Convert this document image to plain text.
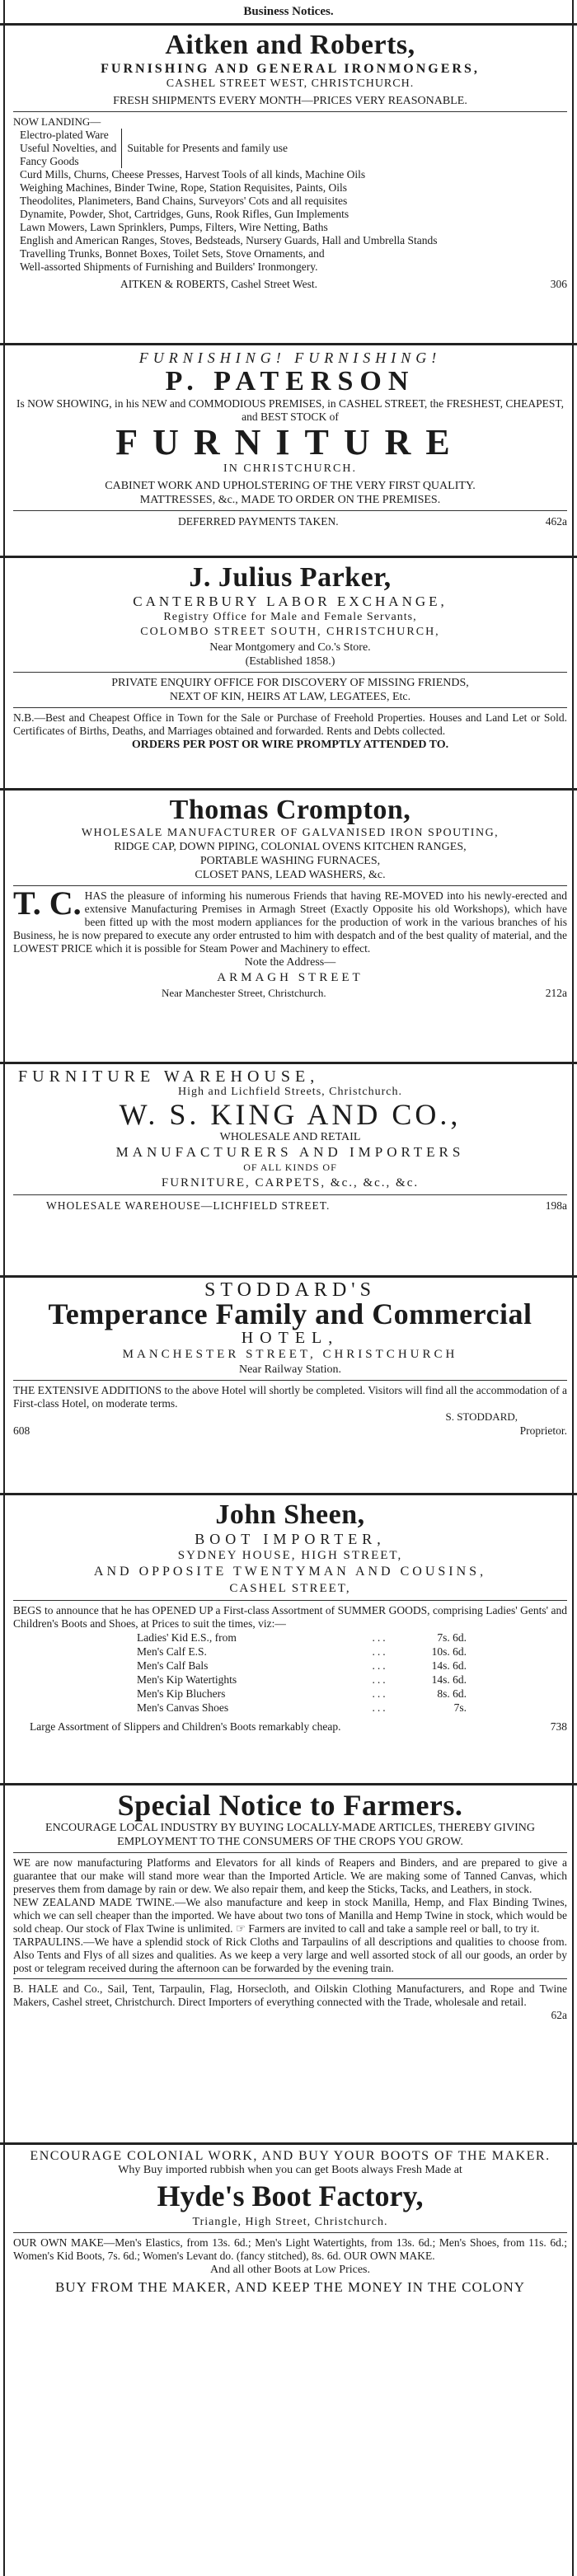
Business Notices.
Aitken and Roberts,
FURNISHING AND GENERAL IRONMONGERS,
CASHEL STREET WEST, CHRISTCHURCH.
FRESH SHIPMENTS EVERY MONTH—PRICES VERY REASONABLE.
NOW LANDING—
Electro-plated Ware
Useful Novelties, and
Fancy Goods
Suitable for Presents and family use
Curd Mills, Churns, Cheese Presses, Harvest Tools of all kinds, Machine Oils
Weighing Machines, Binder Twine, Rope, Station Requisites, Paints, Oils
Theodolites, Planimeters, Band Chains, Surveyors' Cots and all requisites
Dynamite, Powder, Shot, Cartridges, Guns, Rook Rifles, Gun Implements
Lawn Mowers, Lawn Sprinklers, Pumps, Filters, Wire Netting, Baths
English and American Ranges, Stoves, Bedsteads, Nursery Guards, Hall and Umbrella Stands
Travelling Trunks, Bonnet Boxes, Toilet Sets, Stove Ornaments, and
Well-assorted Shipments of Furnishing and Builders' Ironmongery.
AITKEN & ROBERTS, Cashel Street West.	306
FURNISHING! FURNISHING!
P. PATERSON
Is NOW SHOWING, in his NEW and COMMODIOUS PREMISES, in CASHEL STREET, the FRESHEST, CHEAPEST, and BEST STOCK of
FURNITURE
IN CHRISTCHURCH.
CABINET WORK AND UPHOLSTERING OF THE VERY FIRST QUALITY.
MATTRESSES, &c., MADE TO ORDER ON THE PREMISES.
DEFERRED PAYMENTS TAKEN.	462a
J. Julius Parker,
CANTERBURY LABOR EXCHANGE,
Registry Office for Male and Female Servants,
COLOMBO STREET SOUTH, CHRISTCHURCH,
Near Montgomery and Co.'s Store.
(Established 1858.)
PRIVATE ENQUIRY OFFICE FOR DISCOVERY OF MISSING FRIENDS,
NEXT OF KIN, HEIRS AT LAW, LEGATEES, Etc.
N.B.—Best and Cheapest Office in Town for the Sale or Purchase of Freehold Properties. Houses and Land Let or Sold. Certificates of Births, Deaths, and Marriages obtained and forwarded. Rents and Debts collected.
ORDERS PER POST OR WIRE PROMPTLY ATTENDED TO.
Thomas Crompton,
WHOLESALE MANUFACTURER OF GALVANISED IRON SPOUTING,
RIDGE CAP, DOWN PIPING, COLONIAL OVENS KITCHEN RANGES,
PORTABLE WASHING FURNACES,
CLOSET PANS, LEAD WASHERS, &c.
T. C. HAS the pleasure of informing his numerous Friends that having RE-MOVED into his newly-erected and extensive Manufacturing Premises in Armagh Street (Exactly Opposite his old Workshops), which have been fitted up with the most modern appliances for the production of work in the various branches of his Business, he is now prepared to execute any order entrusted to him with despatch and of the best quality of material, and the LOWEST PRICE which it is possible for Steam Power and Machinery to effect.
Note the Address—
ARMAGH STREET
Near Manchester Street, Christchurch.	212a
FURNITURE WAREHOUSE,
High and Lichfield Streets, Christchurch.
W. S. KING AND CO.,
WHOLESALE AND RETAIL
MANUFACTURERS AND IMPORTERS
OF ALL KINDS OF
FURNITURE, CARPETS, &c., &c., &c.
WHOLESALE WAREHOUSE—LICHFIELD STREET.	198a
STODDARD'S
Temperance Family and Commercial
HOTEL,
MANCHESTER STREET, CHRISTCHURCH
Near Railway Station.
THE EXTENSIVE ADDITIONS to the above Hotel will shortly be completed. Visitors will find all the accommodation of a First-class Hotel, on moderate terms.
S. STODDARD,
608	Proprietor.
John Sheen,
BOOT IMPORTER,
SYDNEY HOUSE, HIGH STREET,
AND OPPOSITE TWENTYMAN AND COUSINS,
CASHEL STREET,
BEGS to announce that he has OPENED UP a First-class Assortment of SUMMER GOODS, comprising Ladies' Gents' and Children's Boots and Shoes, at Prices to suit the times, viz:—
Ladies' Kid E.S., from	...	7s. 6d.
Men's Calf E.S.	...	10s. 6d.
Men's Calf Bals	...	14s. 6d.
Men's Kip Watertights	...	14s. 6d.
Men's Kip Bluchers	...	8s. 6d.
Men's Canvas Shoes	...	7s.
Large Assortment of Slippers and Children's Boots remarkably cheap.	738
Special Notice to Farmers.
ENCOURAGE LOCAL INDUSTRY BY BUYING LOCALLY-MADE ARTICLES, THEREBY GIVING EMPLOYMENT TO THE CONSUMERS OF THE CROPS YOU GROW.
WE are now manufacturing Platforms and Elevators for all kinds of Reapers and Binders, and are prepared to give a guarantee that our make will stand more wear than the Imported Article. We are making some of Tanned Canvas, which preserves them from damage by rain or dew. We also repair them, and keep the Sticks, Tacks, and Leathers, in stock.
NEW ZEALAND MADE TWINE.—We also manufacture and keep in stock Manilla, Hemp, and Flax Binding Twines, which we can sell cheaper than the imported. We have about two tons of Manilla and Hemp Twine in stock, which would be sold cheap. Our stock of Flax Twine is unlimited. ☞ Farmers are invited to call and take a sample reel or ball, to try it.
TARPAULINS.—We have a splendid stock of Rick Cloths and Tarpaulins of all descriptions and qualities to choose from. Also Tents and Flys of all sizes and qualities. As we keep a very large and well assorted stock of all our goods, an order by post or telegram received during the afternoon can be forwarded by the evening train.
B. HALE and Co., Sail, Tent, Tarpaulin, Flag, Horsecloth, and Oilskin Clothing Manufacturers, and Rope and Twine Makers, Cashel street, Christchurch. Direct Importers of everything connected with the Trade, wholesale and retail.
62a
ENCOURAGE COLONIAL WORK, AND BUY YOUR BOOTS OF THE MAKER.
Why Buy imported rubbish when you can get Boots always Fresh Made at
Hyde's Boot Factory,
Triangle, High Street, Christchurch.
OUR OWN MAKE—Men's Elastics, from 13s. 6d.; Men's Light Watertights, from 13s. 6d.; Men's Shoes, from 11s. 6d.; Women's Kid Boots, 7s. 6d.; Women's Levant do. (fancy stitched), 8s. 6d. OUR OWN MAKE.
And all other Boots at Low Prices.
BUY FROM THE MAKER, AND KEEP THE MONEY IN THE COLONY
